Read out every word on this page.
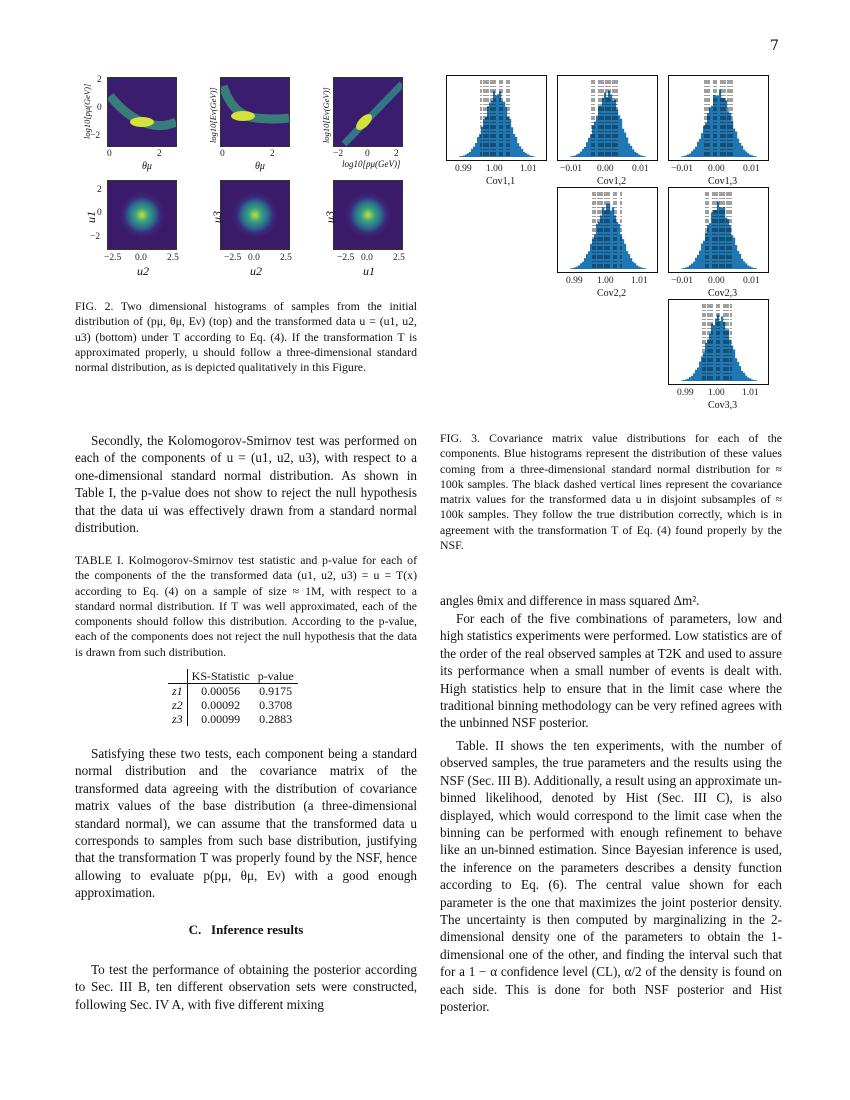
7
log10[pμ(GeV)]	log10[Eν(GeV)]	log10[Eν(GeV)]
2
0
−2
0	2
θμ
0	2
θμ
−2 0	2
log10[pμ(GeV)]
u1	u3	u3
2
0
−2
−2.5 0.0 2.5
u2
−2.5 0.0 2.5
u2
−2.5 0.0 2.5
u1

FIG. 2. Two dimensional histograms of samples from the initial distribution of (pμ, θμ, Eν) (top) and the transformed data u = (u1, u2, u3) (bottom) under T according to Eq. (4). If the transformation T is approximated properly, u should follow a three-dimensional standard normal distribution, as is depicted qualitatively in this Figure.

0.99 1.00 1.01
Cov1,1
−0.01 0.00 0.01
Cov1,2
−0.01 0.00 0.01
Cov1,3
0.99 1.00 1.01
Cov2,2
−0.01 0.00 0.01
Cov2,3
0.99 1.00 1.01
Cov3,3

FIG. 3. Covariance matrix value distributions for each of the components. Blue histograms represent the distribution of these values coming from a three-dimensional standard normal distribution for ≈ 100k samples. The black dashed vertical lines represent the covariance matrix values for the transformed data u in disjoint subsamples of ≈ 100k samples. They follow the true distribution correctly, which is in agreement with the transformation T of Eq. (4) found properly by the NSF.

Secondly, the Kolomogorov-Smirnov test was performed on each of the components of u = (u1, u2, u3), with respect to a one-dimensional standard normal distribution. As shown in Table I, the p-value does not show to reject the null hypothesis that the data ui was effectively drawn from a standard normal distribution.

TABLE I. Kolmogorov-Smirnov test statistic and p-value for each of the components of the the transformed data (u1, u2, u3) = u = T(x) according to Eq. (4) on a sample of size ≈ 1M, with respect to a standard normal distribution. If T was well approximated, each of the components should follow this distribution. According to the p-value, each of the components does not reject the null hypothesis that the data is drawn from such distribution.

	KS-Statistic	p-value
z1	0.00056	0.9175
z2	0.00092	0.3708
z3	0.00099	0.2883

Satisfying these two tests, each component being a standard normal distribution and the covariance matrix of the transformed data agreeing with the distribution of covariance matrix values of the base distribution (a three-dimensional standard normal), we can assume that the transformed data u corresponds to samples from such base distribution, justifying that the transformation T was properly found by the NSF, hence allowing to evaluate p(pμ, θμ, Eν) with a good enough approximation.

C.   Inference results

To test the performance of obtaining the posterior according to Sec. III B, ten different observation sets were constructed, following Sec. IV A, with five different mixing

angles θmix and difference in mass squared Δm².

For each of the five combinations of parameters, low and high statistics experiments were performed. Low statistics are of the order of the real observed samples at T2K and used to assure its performance when a small number of events is dealt with. High statistics help to ensure that in the limit case where the traditional binning methodology can be very refined agrees with the unbinned NSF posterior.

Table. II shows the ten experiments, with the number of observed samples, the true parameters and the results using the NSF (Sec. III B). Additionally, a result using an approximate un-binned likelihood, denoted by Hist (Sec. III C), is also displayed, which would correspond to the limit case when the binning can be performed with enough refinement to behave like an un-binned estimation. Since Bayesian inference is used, the inference on the parameters describes a density function according to Eq. (6). The central value shown for each parameter is the one that maximizes the joint posterior density. The uncertainty is then computed by marginalizing in the 2-dimensional density one of the parameters to obtain the 1-dimensional one of the other, and finding the interval such that for a 1 − α confidence level (CL), α/2 of the density is found on each side. This is done for both NSF posterior and Hist posterior.
